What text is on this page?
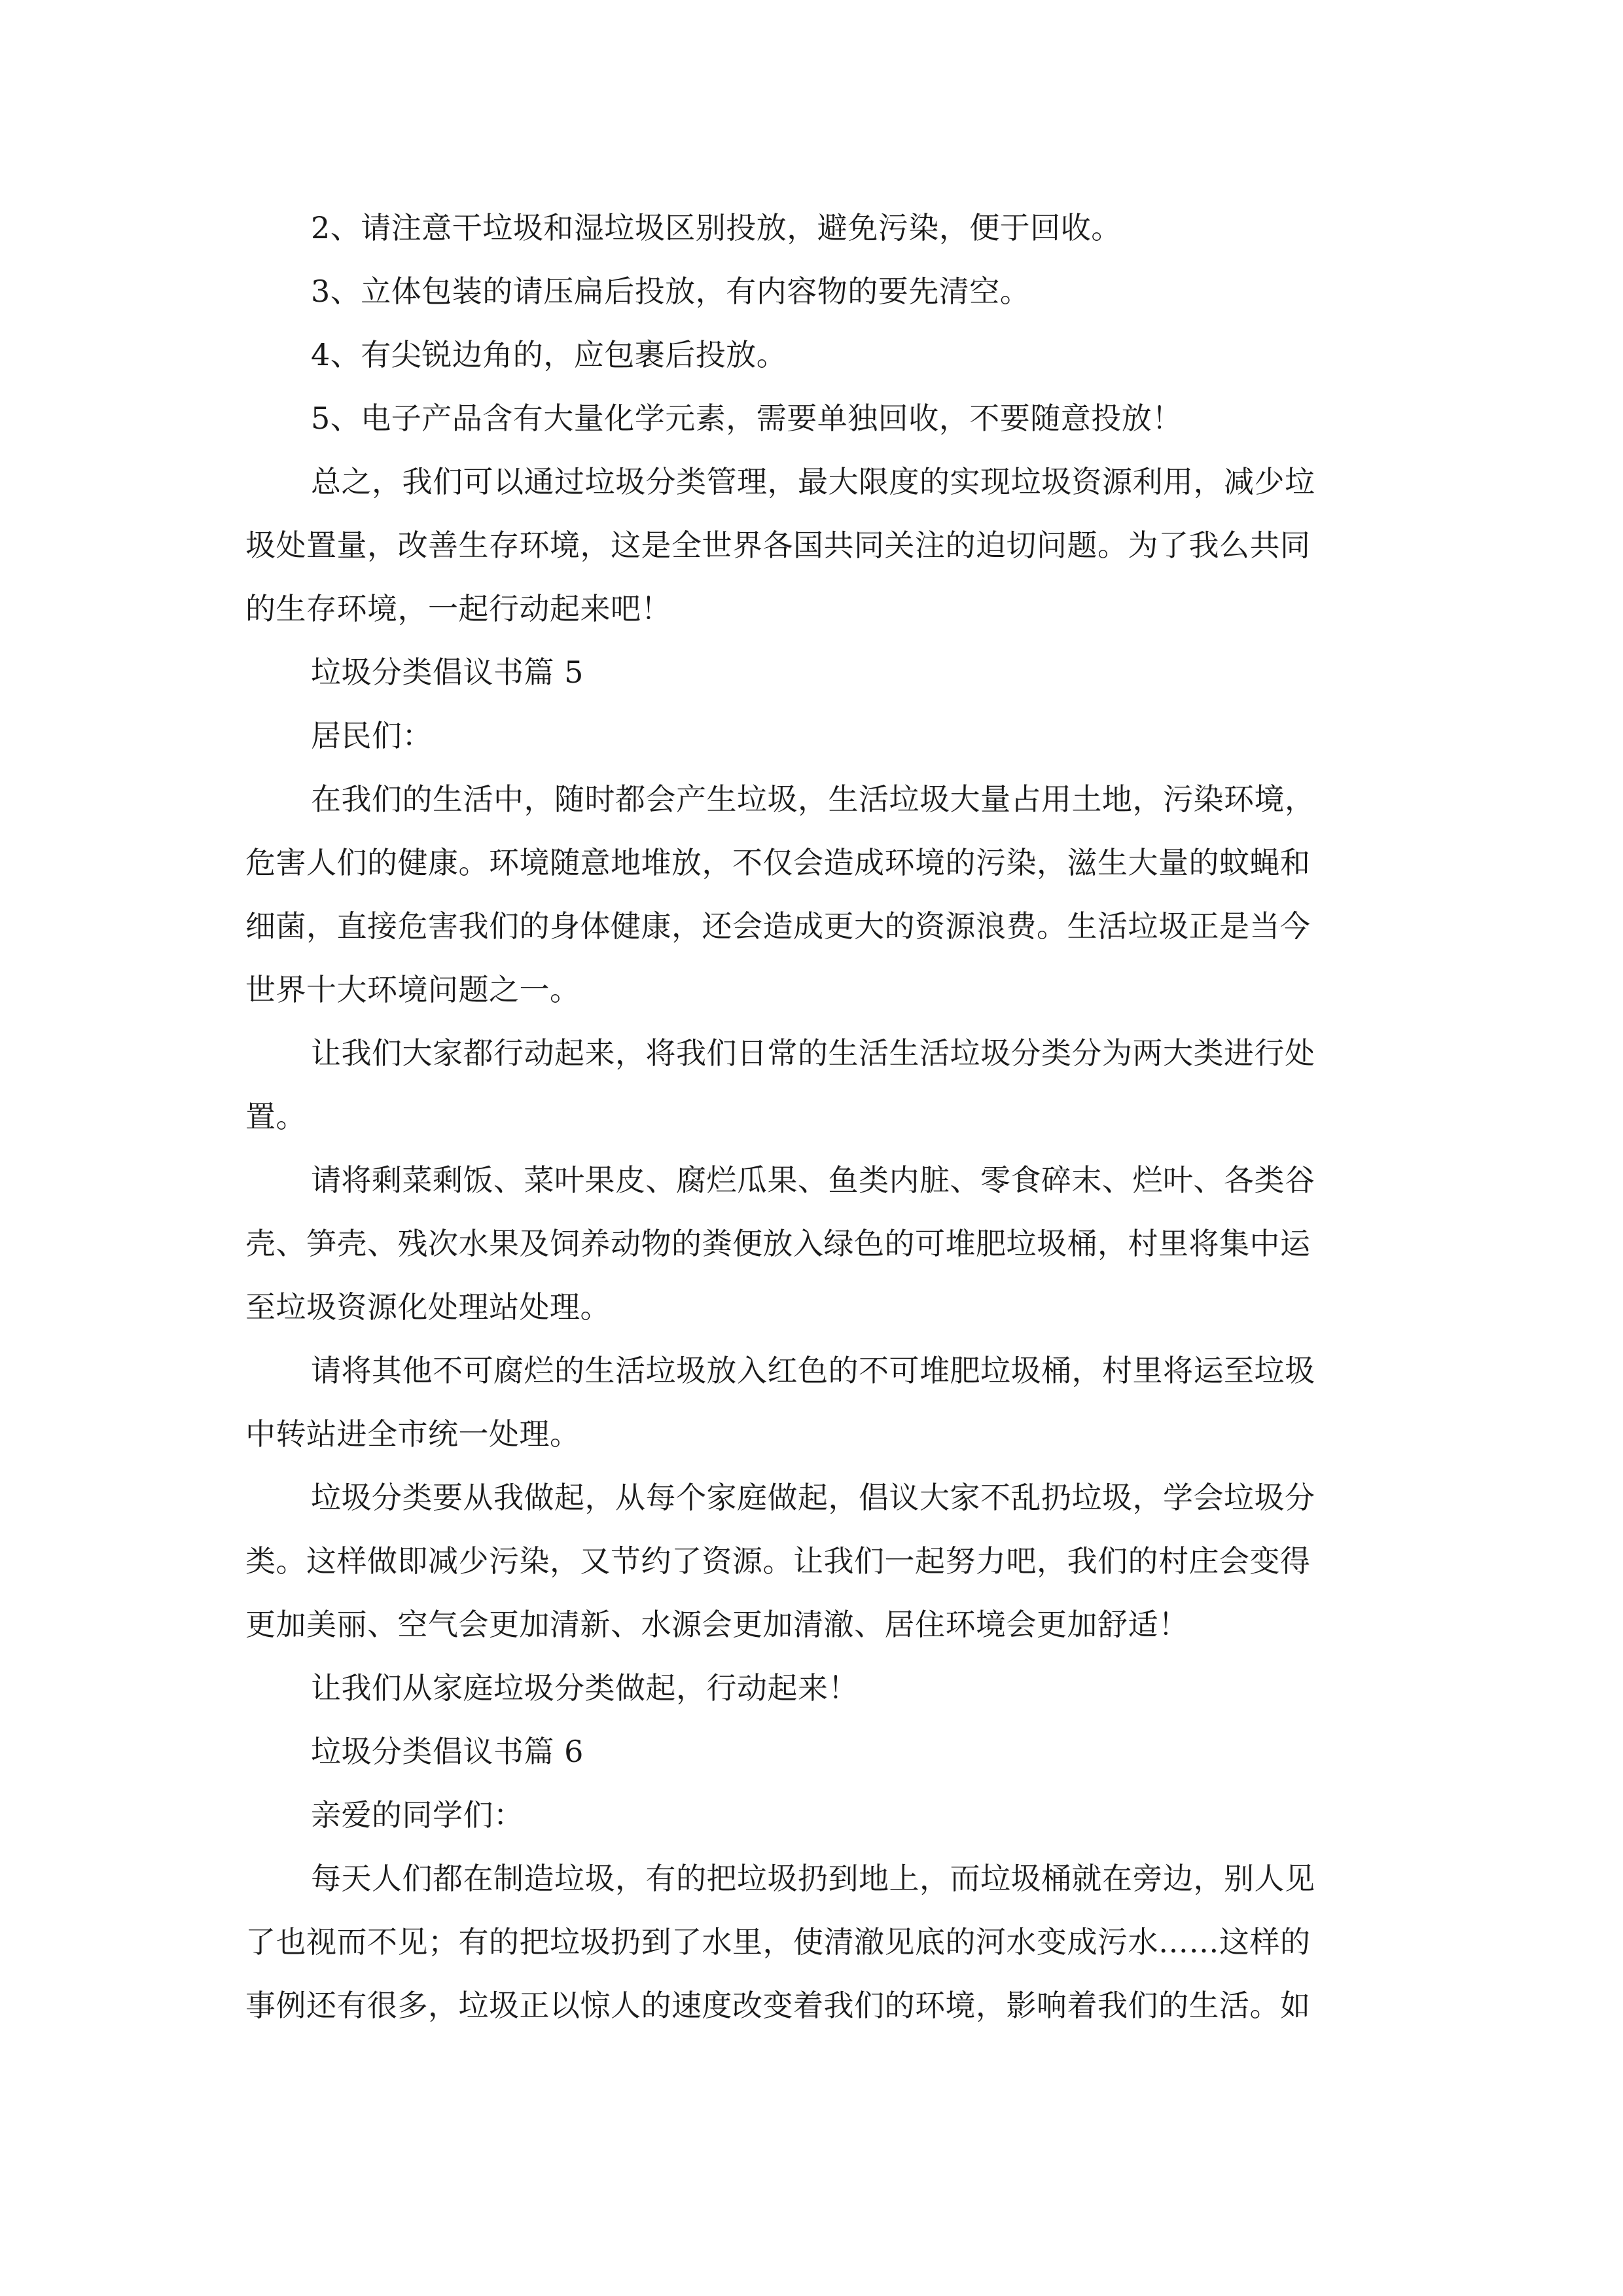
2、请注意干垃圾和湿垃圾区别投放，避免污染，便于回收。
3、立体包装的请压扁后投放，有内容物的要先清空。
4、有尖锐边角的，应包裹后投放。
5、电子产品含有大量化学元素，需要单独回收，不要随意投放！
总之，我们可以通过垃圾分类管理，最大限度的实现垃圾资源利用，减少垃
圾处置量，改善生存环境，这是全世界各国共同关注的迫切问题。为了我么共同
的生存环境，一起行动起来吧！
垃圾分类倡议书篇 5
居民们：
在我们的生活中，随时都会产生垃圾，生活垃圾大量占用土地，污染环境，
危害人们的健康。环境随意地堆放，不仅会造成环境的污染，滋生大量的蚊蝇和
细菌，直接危害我们的身体健康，还会造成更大的资源浪费。生活垃圾正是当今
世界十大环境问题之一。
让我们大家都行动起来，将我们日常的生活生活垃圾分类分为两大类进行处
置。
请将剩菜剩饭、菜叶果皮、腐烂瓜果、鱼类内脏、零食碎末、烂叶、各类谷
壳、笋壳、残次水果及饲养动物的粪便放入绿色的可堆肥垃圾桶，村里将集中运
至垃圾资源化处理站处理。
请将其他不可腐烂的生活垃圾放入红色的不可堆肥垃圾桶，村里将运至垃圾
中转站进全市统一处理。
垃圾分类要从我做起，从每个家庭做起，倡议大家不乱扔垃圾，学会垃圾分
类。这样做即减少污染，又节约了资源。让我们一起努力吧，我们的村庄会变得
更加美丽、空气会更加清新、水源会更加清澈、居住环境会更加舒适！
让我们从家庭垃圾分类做起，行动起来！
垃圾分类倡议书篇 6
亲爱的同学们：
每天人们都在制造垃圾，有的把垃圾扔到地上，而垃圾桶就在旁边，别人见
了也视而不见；有的把垃圾扔到了水里，使清澈见底的河水变成污水……这样的
事例还有很多，垃圾正以惊人的速度改变着我们的环境，影响着我们的生活。如
